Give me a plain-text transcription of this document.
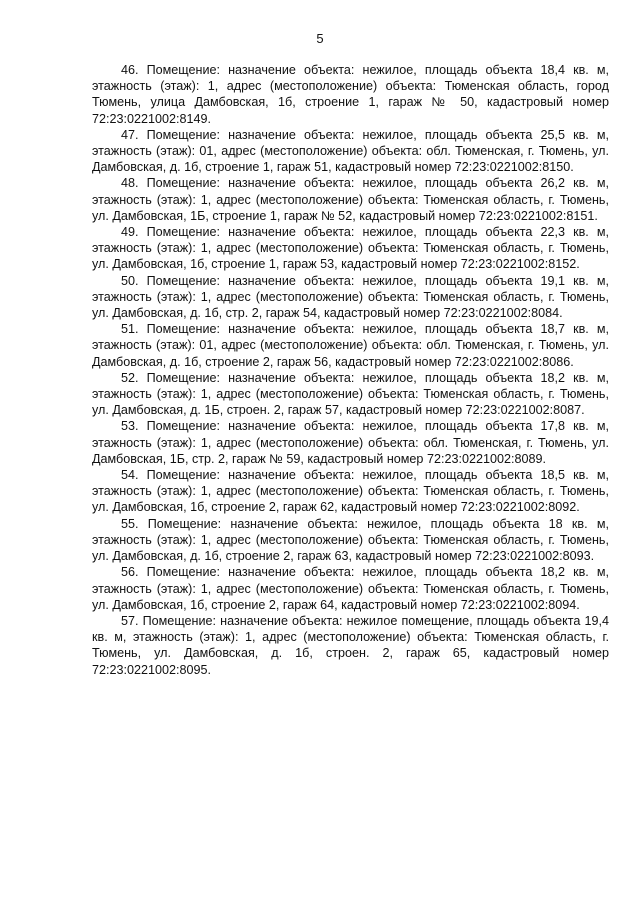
5

46. Помещение: назначение объекта: нежилое, площадь объекта 18,4 кв. м, этажность (этаж): 1, адрес (местоположение) объекта: Тюменская область, город Тюмень, улица Дамбовская, 1б, строение 1, гараж № 50, кадастровый номер 72:23:0221002:8149.

47. Помещение: назначение объекта: нежилое, площадь объекта 25,5 кв. м, этажность (этаж): 01, адрес (местоположение) объекта: обл. Тюменская, г. Тюмень, ул. Дамбовская, д. 1б, строение 1, гараж 51, кадастровый номер 72:23:0221002:8150.

48. Помещение: назначение объекта: нежилое, площадь объекта 26,2 кв. м, этажность (этаж): 1, адрес (местоположение) объекта: Тюменская область, г. Тюмень, ул. Дамбовская, 1Б, строение 1, гараж № 52, кадастровый номер 72:23:0221002:8151.

49. Помещение: назначение объекта: нежилое, площадь объекта 22,3 кв. м, этажность (этаж): 1, адрес (местоположение) объекта: Тюменская область, г. Тюмень, ул. Дамбовская, 1б, строение 1, гараж 53, кадастровый номер 72:23:0221002:8152.

50. Помещение: назначение объекта: нежилое, площадь объекта 19,1 кв. м, этажность (этаж): 1, адрес (местоположение) объекта: Тюменская область, г. Тюмень, ул. Дамбовская, д. 1б, стр. 2, гараж 54, кадастровый номер 72:23:0221002:8084.

51. Помещение: назначение объекта: нежилое, площадь объекта 18,7 кв. м, этажность (этаж): 01, адрес (местоположение) объекта: обл. Тюменская, г. Тюмень, ул. Дамбовская, д. 1б, строение 2, гараж 56, кадастровый номер 72:23:0221002:8086.

52. Помещение: назначение объекта: нежилое, площадь объекта 18,2 кв. м, этажность (этаж): 1, адрес (местоположение) объекта: Тюменская область, г. Тюмень, ул. Дамбовская, д. 1Б, строен. 2, гараж 57, кадастровый номер 72:23:0221002:8087.

53. Помещение: назначение объекта: нежилое, площадь объекта 17,8 кв. м, этажность (этаж): 1, адрес (местоположение) объекта: обл. Тюменская, г. Тюмень, ул. Дамбовская, 1Б, стр. 2, гараж № 59, кадастровый номер 72:23:0221002:8089.

54. Помещение: назначение объекта: нежилое, площадь объекта 18,5 кв. м, этажность (этаж): 1, адрес (местоположение) объекта: Тюменская область, г. Тюмень, ул. Дамбовская, 1б, строение 2, гараж 62, кадастровый номер 72:23:0221002:8092.

55. Помещение: назначение объекта: нежилое, площадь объекта 18 кв. м, этажность (этаж): 1, адрес (местоположение) объекта: Тюменская область, г. Тюмень, ул. Дамбовская, д. 1б, строение 2, гараж 63, кадастровый номер 72:23:0221002:8093.

56. Помещение: назначение объекта: нежилое, площадь объекта 18,2 кв. м, этажность (этаж): 1, адрес (местоположение) объекта: Тюменская область, г. Тюмень, ул. Дамбовская, 1б, строение 2, гараж 64, кадастровый номер 72:23:0221002:8094.

57. Помещение: назначение объекта: нежилое помещение, площадь объекта 19,4 кв. м, этажность (этаж): 1, адрес (местоположение) объекта: Тюменская область, г. Тюмень, ул. Дамбовская, д. 1б, строен. 2, гараж 65, кадастровый номер 72:23:0221002:8095.
